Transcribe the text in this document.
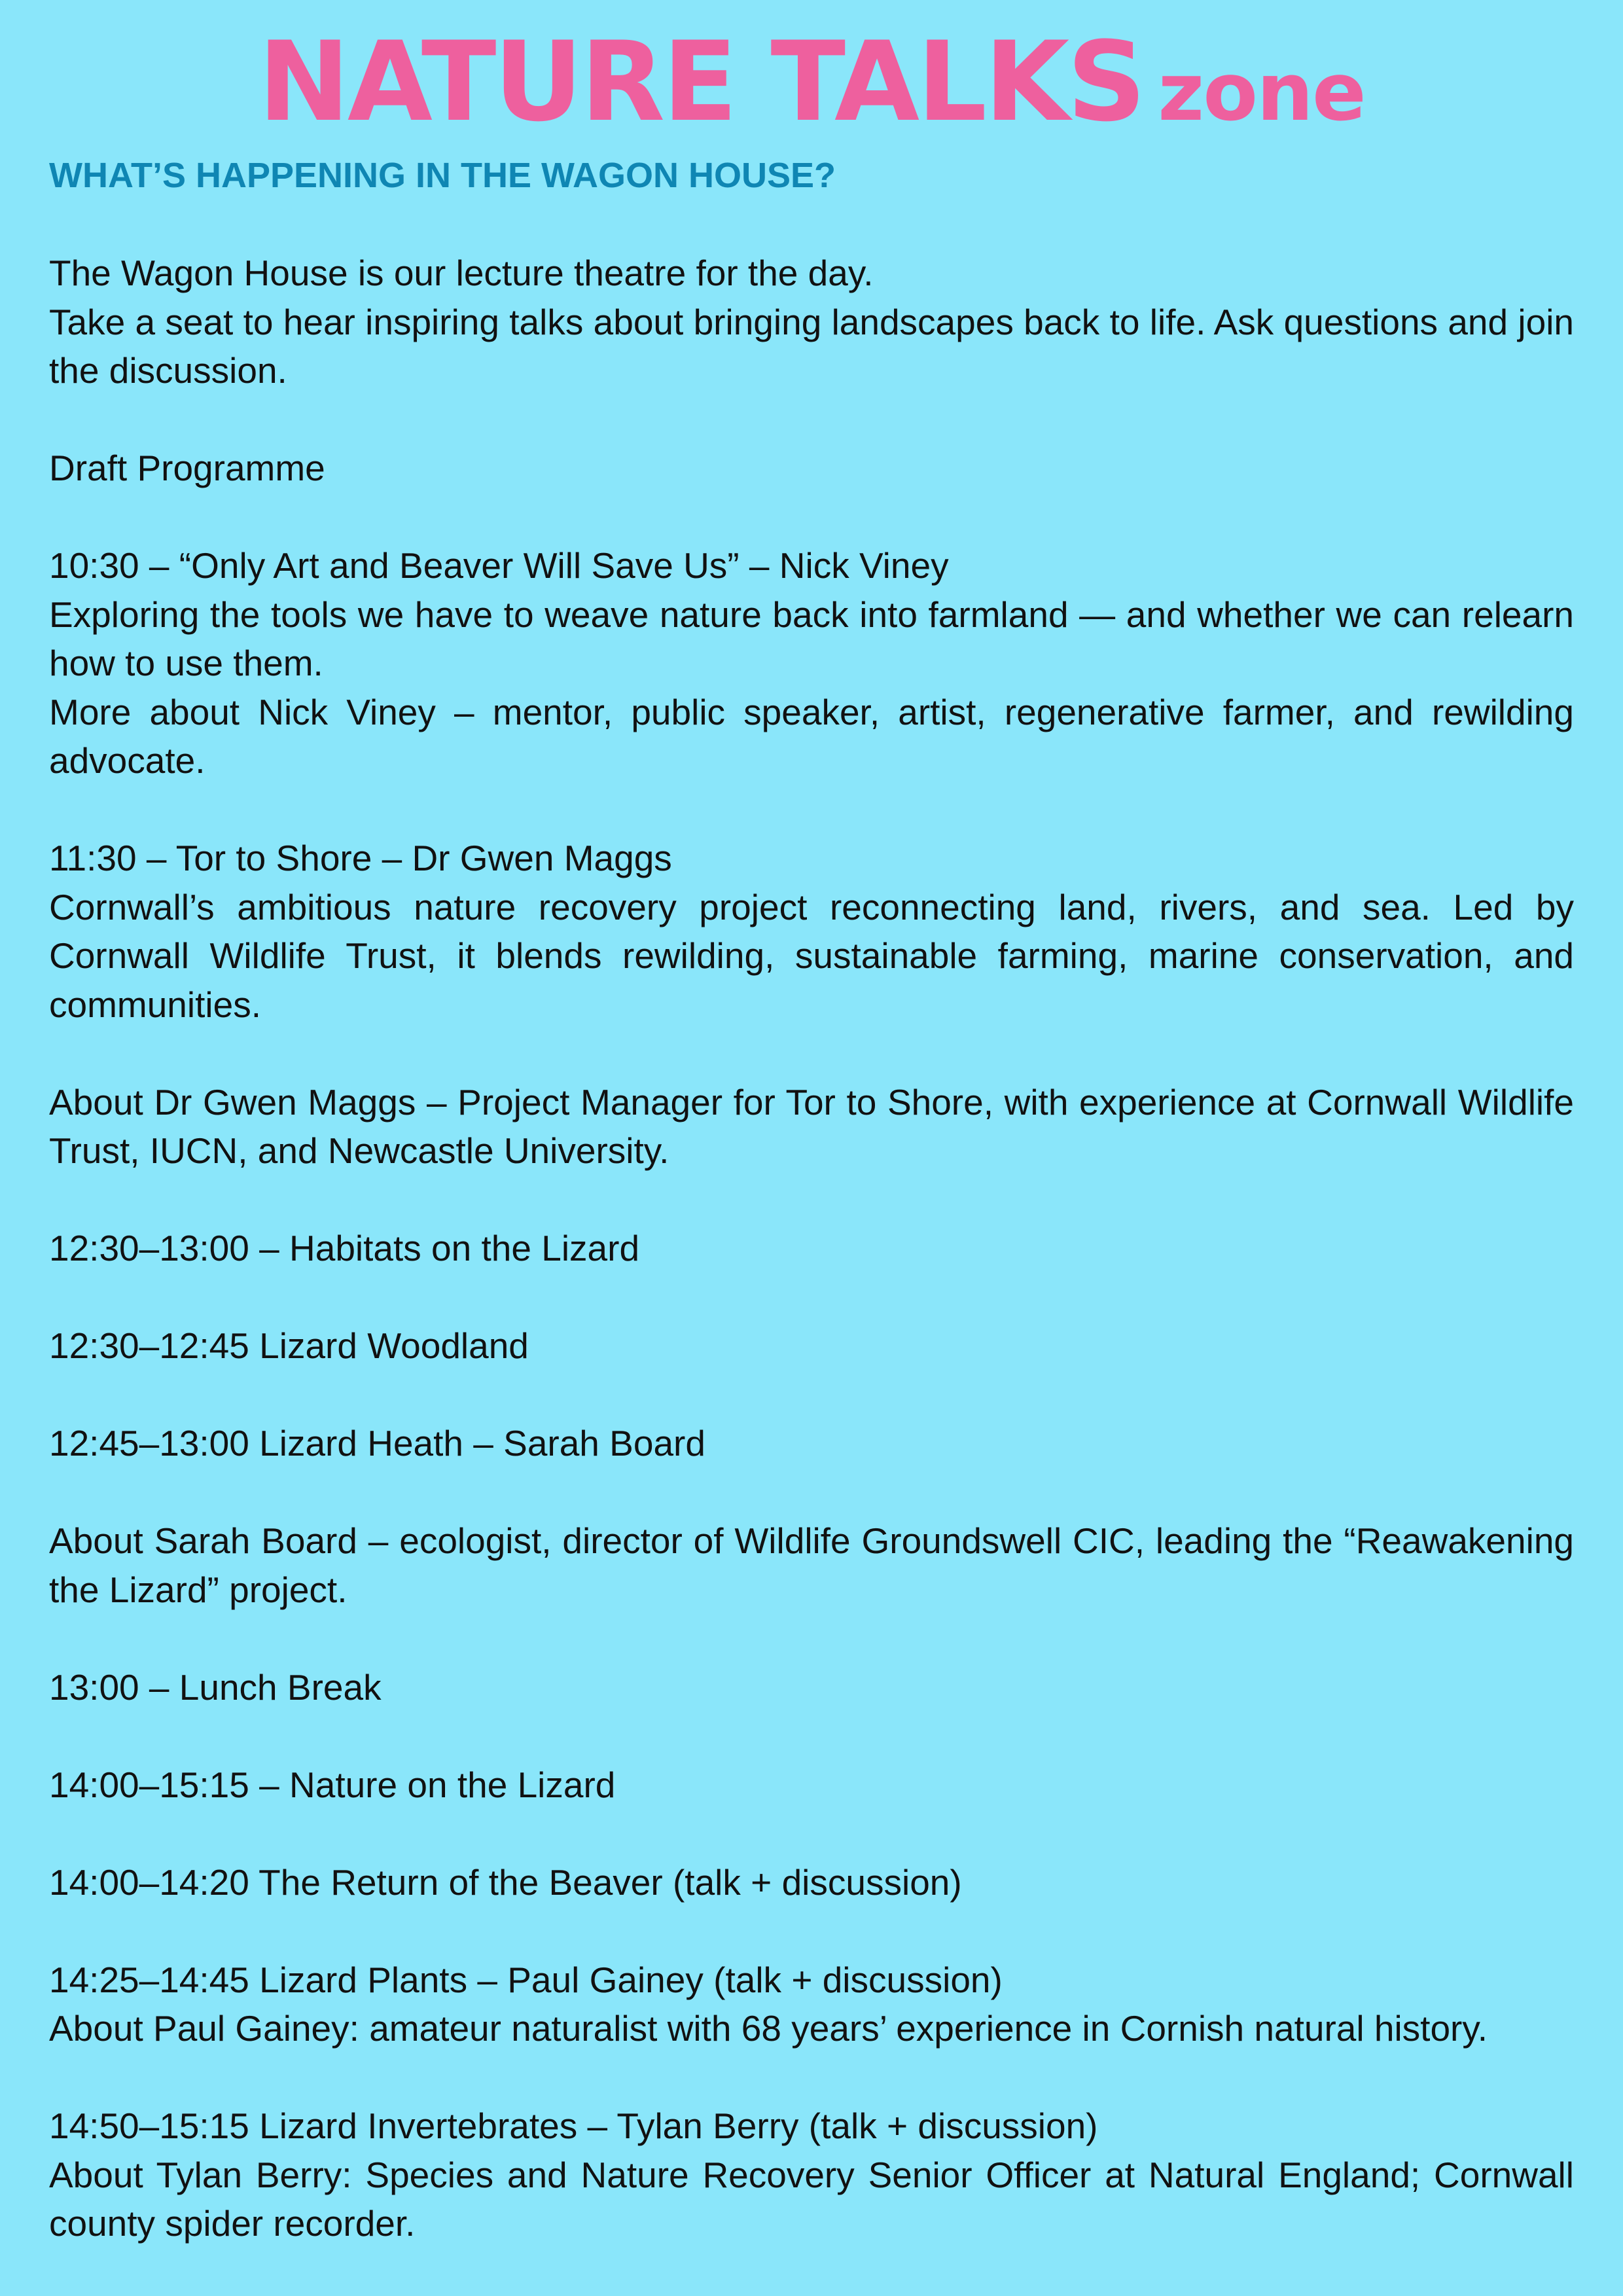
NATURE TALKS zone
WHAT’S HAPPENING IN THE WAGON HOUSE?

The Wagon House is our lecture theatre for the day.

Take a seat to hear inspiring talks about bringing landscapes back to life. Ask questions and join the discussion.

Draft Programme

10:30 – “Only Art and Beaver Will Save Us” – Nick Viney

Exploring the tools we have to weave nature back into farmland — and whether we can relearn how to use them.

More about Nick Viney – mentor, public speaker, artist, regenerative farmer, and rewilding advocate.

11:30 – Tor to Shore – Dr Gwen Maggs

Cornwall’s ambitious nature recovery project reconnecting land, rivers, and sea. Led by Cornwall Wildlife Trust, it blends rewilding, sustainable farming, marine conservation, and communities.

About Dr Gwen Maggs – Project Manager for Tor to Shore, with experience at Cornwall Wildlife Trust, IUCN, and Newcastle University.

12:30–13:00 – Habitats on the Lizard

12:30–12:45 Lizard Woodland

12:45–13:00 Lizard Heath – Sarah Board

About Sarah Board – ecologist, director of Wildlife Groundswell CIC, leading the “Reawakening the Lizard” project.

13:00 – Lunch Break

14:00–15:15 – Nature on the Lizard

14:00–14:20 The Return of the Beaver (talk + discussion)

14:25–14:45 Lizard Plants – Paul Gainey (talk + discussion)

About Paul Gainey: amateur naturalist with 68 years’ experience in Cornish natural history.

14:50–15:15 Lizard Invertebrates – Tylan Berry (talk + discussion)

About Tylan Berry: Species and Nature Recovery Senior Officer at Natural England; Cornwall county spider recorder.
